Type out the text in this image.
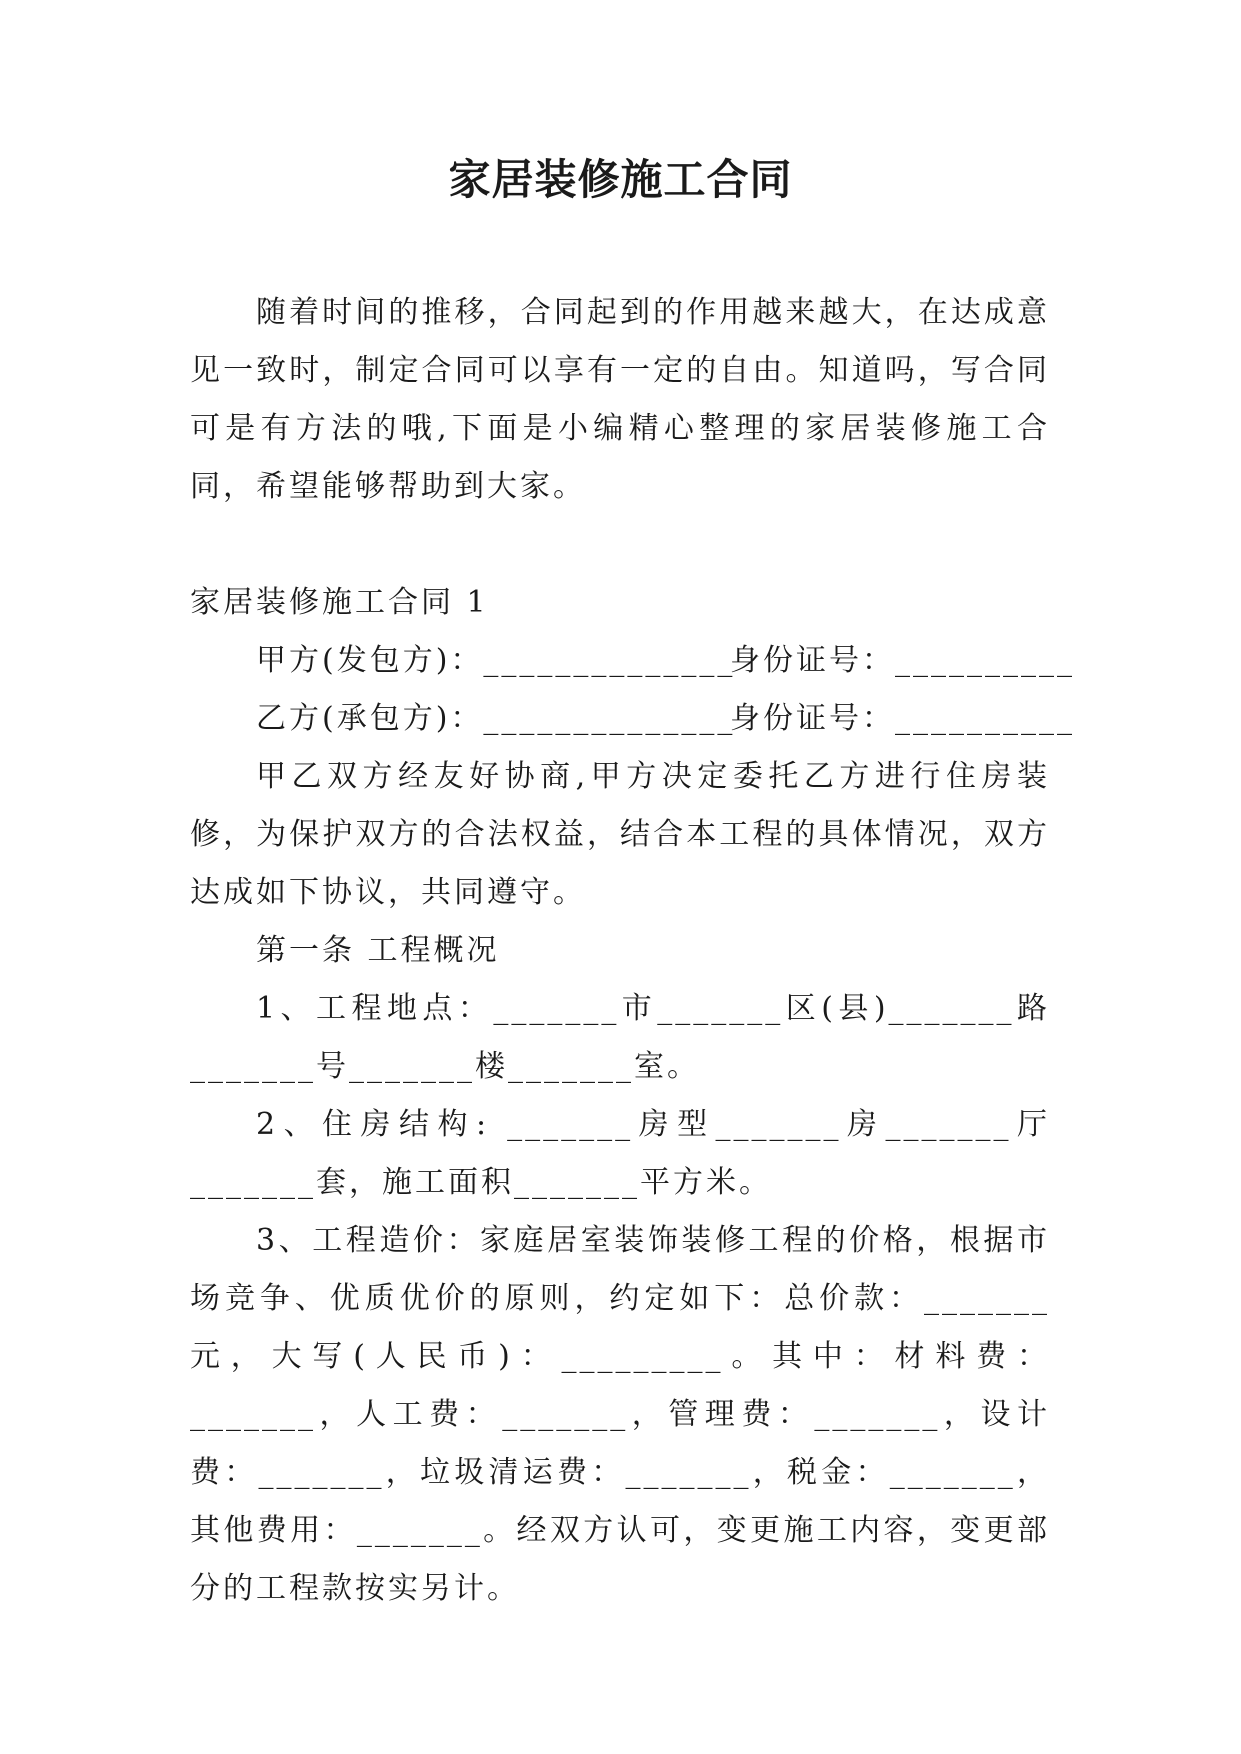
家居装修施工合同

随着时间的推移，合同起到的作用越来越大，在达成意见一致时，制定合同可以享有一定的自由。知道吗，写合同可是有方法的哦,下面是小编精心整理的家居装修施工合同，希望能够帮助到大家。

家居装修施工合同 1

甲方(发包方)：______________
身份证号：__________
乙方(承包方)：______________
身份证号：__________

甲乙双方经友好协商,甲方决定委托乙方进行住房装修，为保护双方的合法权益，结合本工程的具体情况，双方达成如下协议，共同遵守。

第一条 工程概况

1、工程地点：_______市_______区(县)_______路_______号_______楼_______室。

2、住房结构: _______房型_______房_______厅_______套，施工面积_______平方米。

3、工程造价：家庭居室装饰装修工程的价格，根据市场竞争、优质优价的原则，约定如下：总价款：_______元，大写(人民币)：_________。其中：材料费：_______，人工费：_______，管理费：_______，设计费：_______，垃圾清运费：_______，税金：_______，其他费用：_______。经双方认可，变更施工内容，变更部分的工程款按实另计。
